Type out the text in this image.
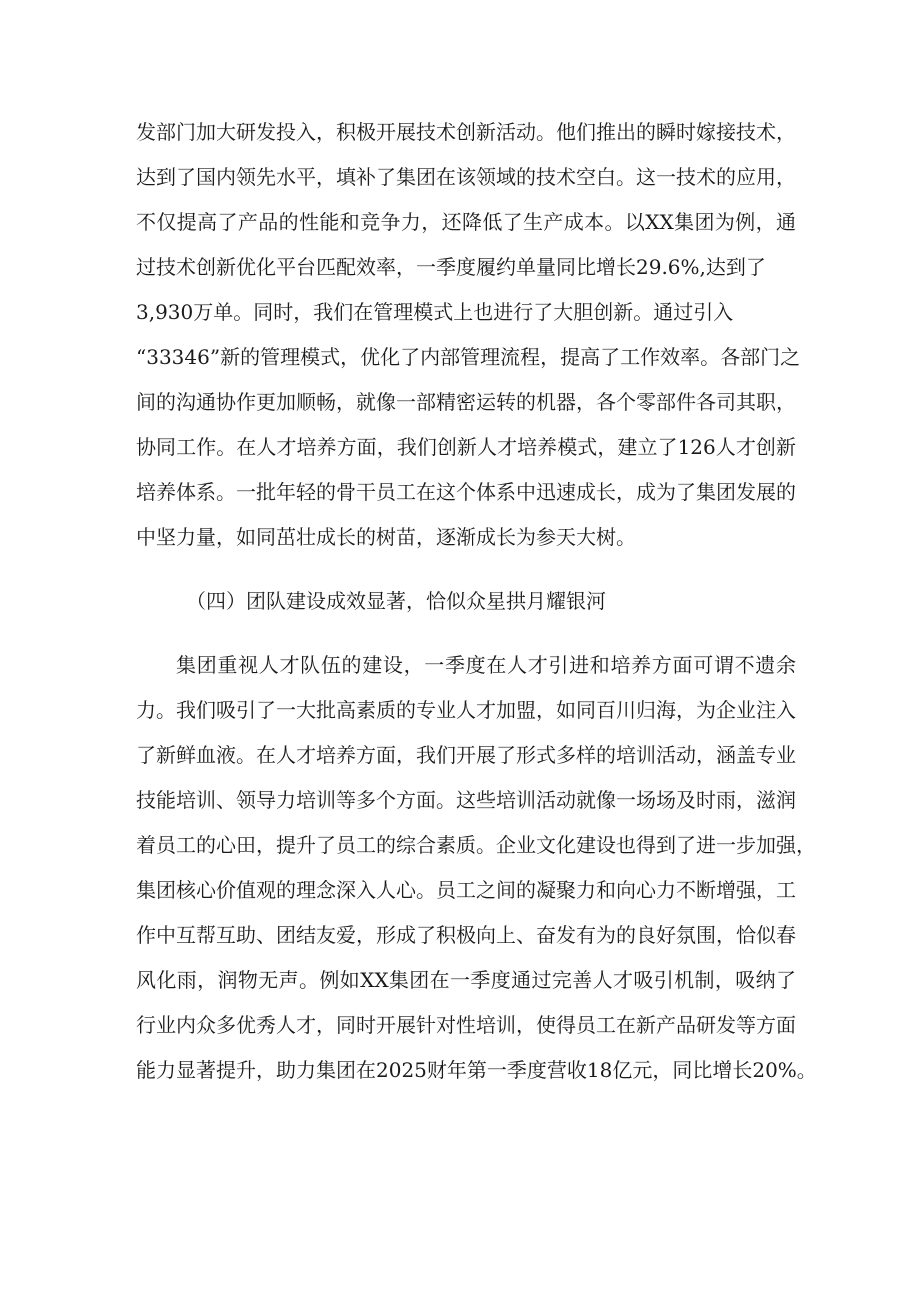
发部门加大研发投入，积极开展技术创新活动。他们推出的瞬时嫁接技术，
达到了国内领先水平，填补了集团在该领域的技术空白。这一技术的应用，
不仅提高了产品的性能和竞争力，还降低了生产成本。以XX集团为例，通
过技术创新优化平台匹配效率，一季度履约单量同比增长29.6%,达到了
3,930万单。同时，我们在管理模式上也进行了大胆创新。通过引入
“33346”新的管理模式，优化了内部管理流程，提高了工作效率。各部门之
间的沟通协作更加顺畅，就像一部精密运转的机器，各个零部件各司其职，
协同工作。在人才培养方面，我们创新人才培养模式，建立了126人才创新
培养体系。一批年轻的骨干员工在这个体系中迅速成长，成为了集团发展的
中坚力量，如同茁壮成长的树苗，逐渐成长为参天大树。
（四）团队建设成效显著，恰似众星拱月耀银河
集团重视人才队伍的建设，一季度在人才引进和培养方面可谓不遗余
力。我们吸引了一大批高素质的专业人才加盟，如同百川归海，为企业注入
了新鲜血液。在人才培养方面，我们开展了形式多样的培训活动，涵盖专业
技能培训、领导力培训等多个方面。这些培训活动就像一场场及时雨，滋润
着员工的心田，提升了员工的综合素质。企业文化建设也得到了进一步加强，
集团核心价值观的理念深入人心。员工之间的凝聚力和向心力不断增强，工
作中互帮互助、团结友爱，形成了积极向上、奋发有为的良好氛围，恰似春
风化雨，润物无声。例如XX集团在一季度通过完善人才吸引机制，吸纳了
行业内众多优秀人才，同时开展针对性培训，使得员工在新产品研发等方面
能力显著提升，助力集团在2025财年第一季度营收18亿元，同比增长20%。
